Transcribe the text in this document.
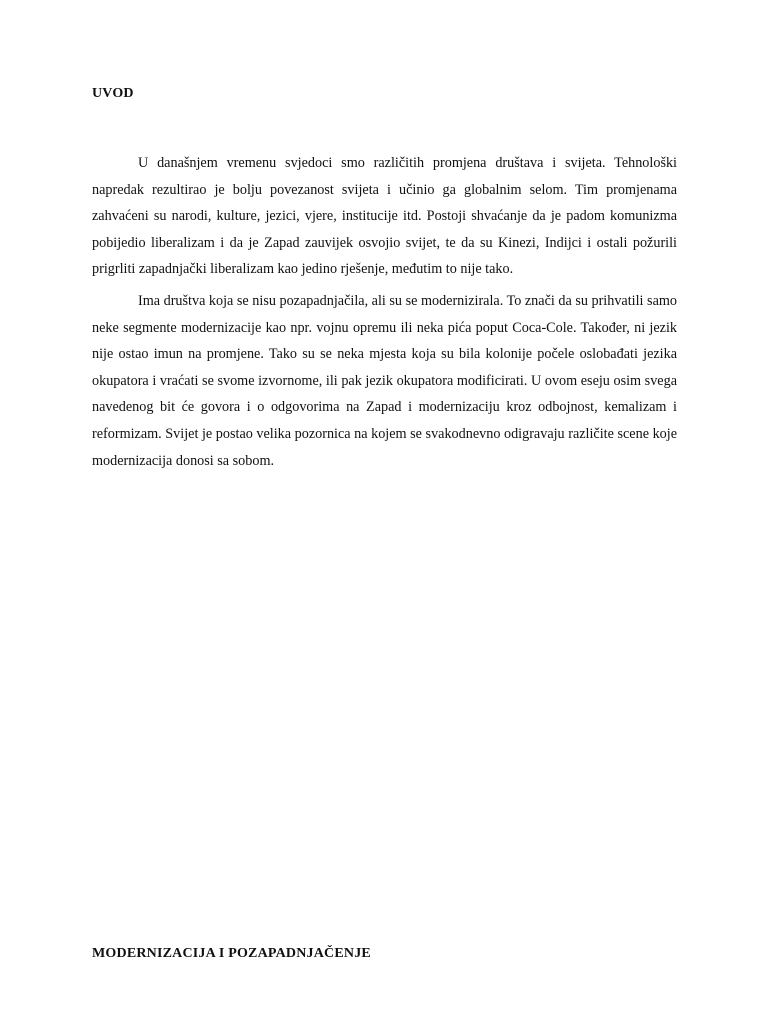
UVOD

U današnjem vremenu svjedoci smo različitih promjena društava i svijeta. Tehnološki napredak rezultirao je bolju povezanost svijeta i učinio ga globalnim selom. Tim promjenama zahvaćeni su narodi, kulture, jezici, vjere, institucije itd. Postoji shvaćanje da je padom komunizma pobijedio liberalizam i da je Zapad zauvijek osvojio svijet, te da su Kinezi, Indijci i ostali požurili prigrliti zapadnjački liberalizam kao jedino rješenje, međutim to nije tako.

Ima društva koja se nisu pozapadnjačila, ali su se modernizirala. To znači da su prihvatili samo neke segmente modernizacije kao npr. vojnu opremu ili neka pića poput Coca-Cole. Također, ni jezik nije ostao imun na promjene. Tako su se neka mjesta koja su bila kolonije počele oslobađati jezika okupatora i vraćati se svome izvornome, ili pak jezik okupatora modificirati. U ovom eseju osim svega navedenog bit će govora i o odgovorima na Zapad i modernizaciju kroz odbojnost, kemalizam i reformizam. Svijet je postao velika pozornica na kojem se svakodnevno odigravaju različite scene koje modernizacija donosi sa sobom.

MODERNIZACIJA I POZAPADNJAČENJE
